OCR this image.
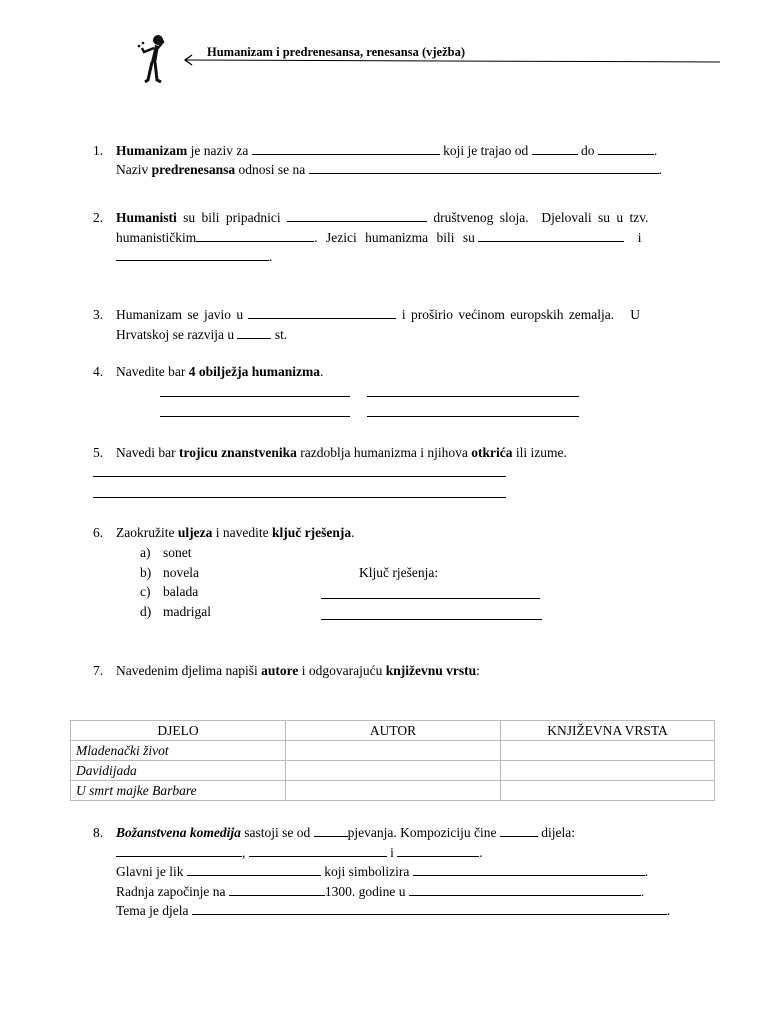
Humanizam i predrenesansa, renesansa (vježba)
1. Humanizam je naziv za	koji je trajao od	do	.
Naziv predrenesansa odnosi se na	.
2. Humanisti su bili pripadnici	društvenog sloja. Djelovali su u tzv.
humanističkim	. Jezici humanizma bili su	i
.
3. Humanizam se javio u	i proširio većinom europskih zemalja. U
Hrvatskoj se razvija u	st.
4. Navedite bar 4 obilježja humanizma.
5. Navedi bar trojicu znanstvenika razdoblja humanizma i njihova otkrića ili izume.
6. Zaokružite uljeza i navedite ključ rješenja.
a) sonet
b) novela
c) balada
d) madrigal
Ključ rješenja:
7. Navedenim djelima napiši autore i odgovarajuću književnu vrstu:
DJELO	AUTOR	KNJIŽEVNA VRSTA
Mladenački život		
Davidijada		
U smrt majke Barbare		
8. Božanstvena komedija sastoji se od	pjevanja. Kompoziciju čine	dijela:
,	i	.
Glavni je lik	koji simbolizira	.
Radnja započinje na	1300. godine u	.
Tema je djela	.
